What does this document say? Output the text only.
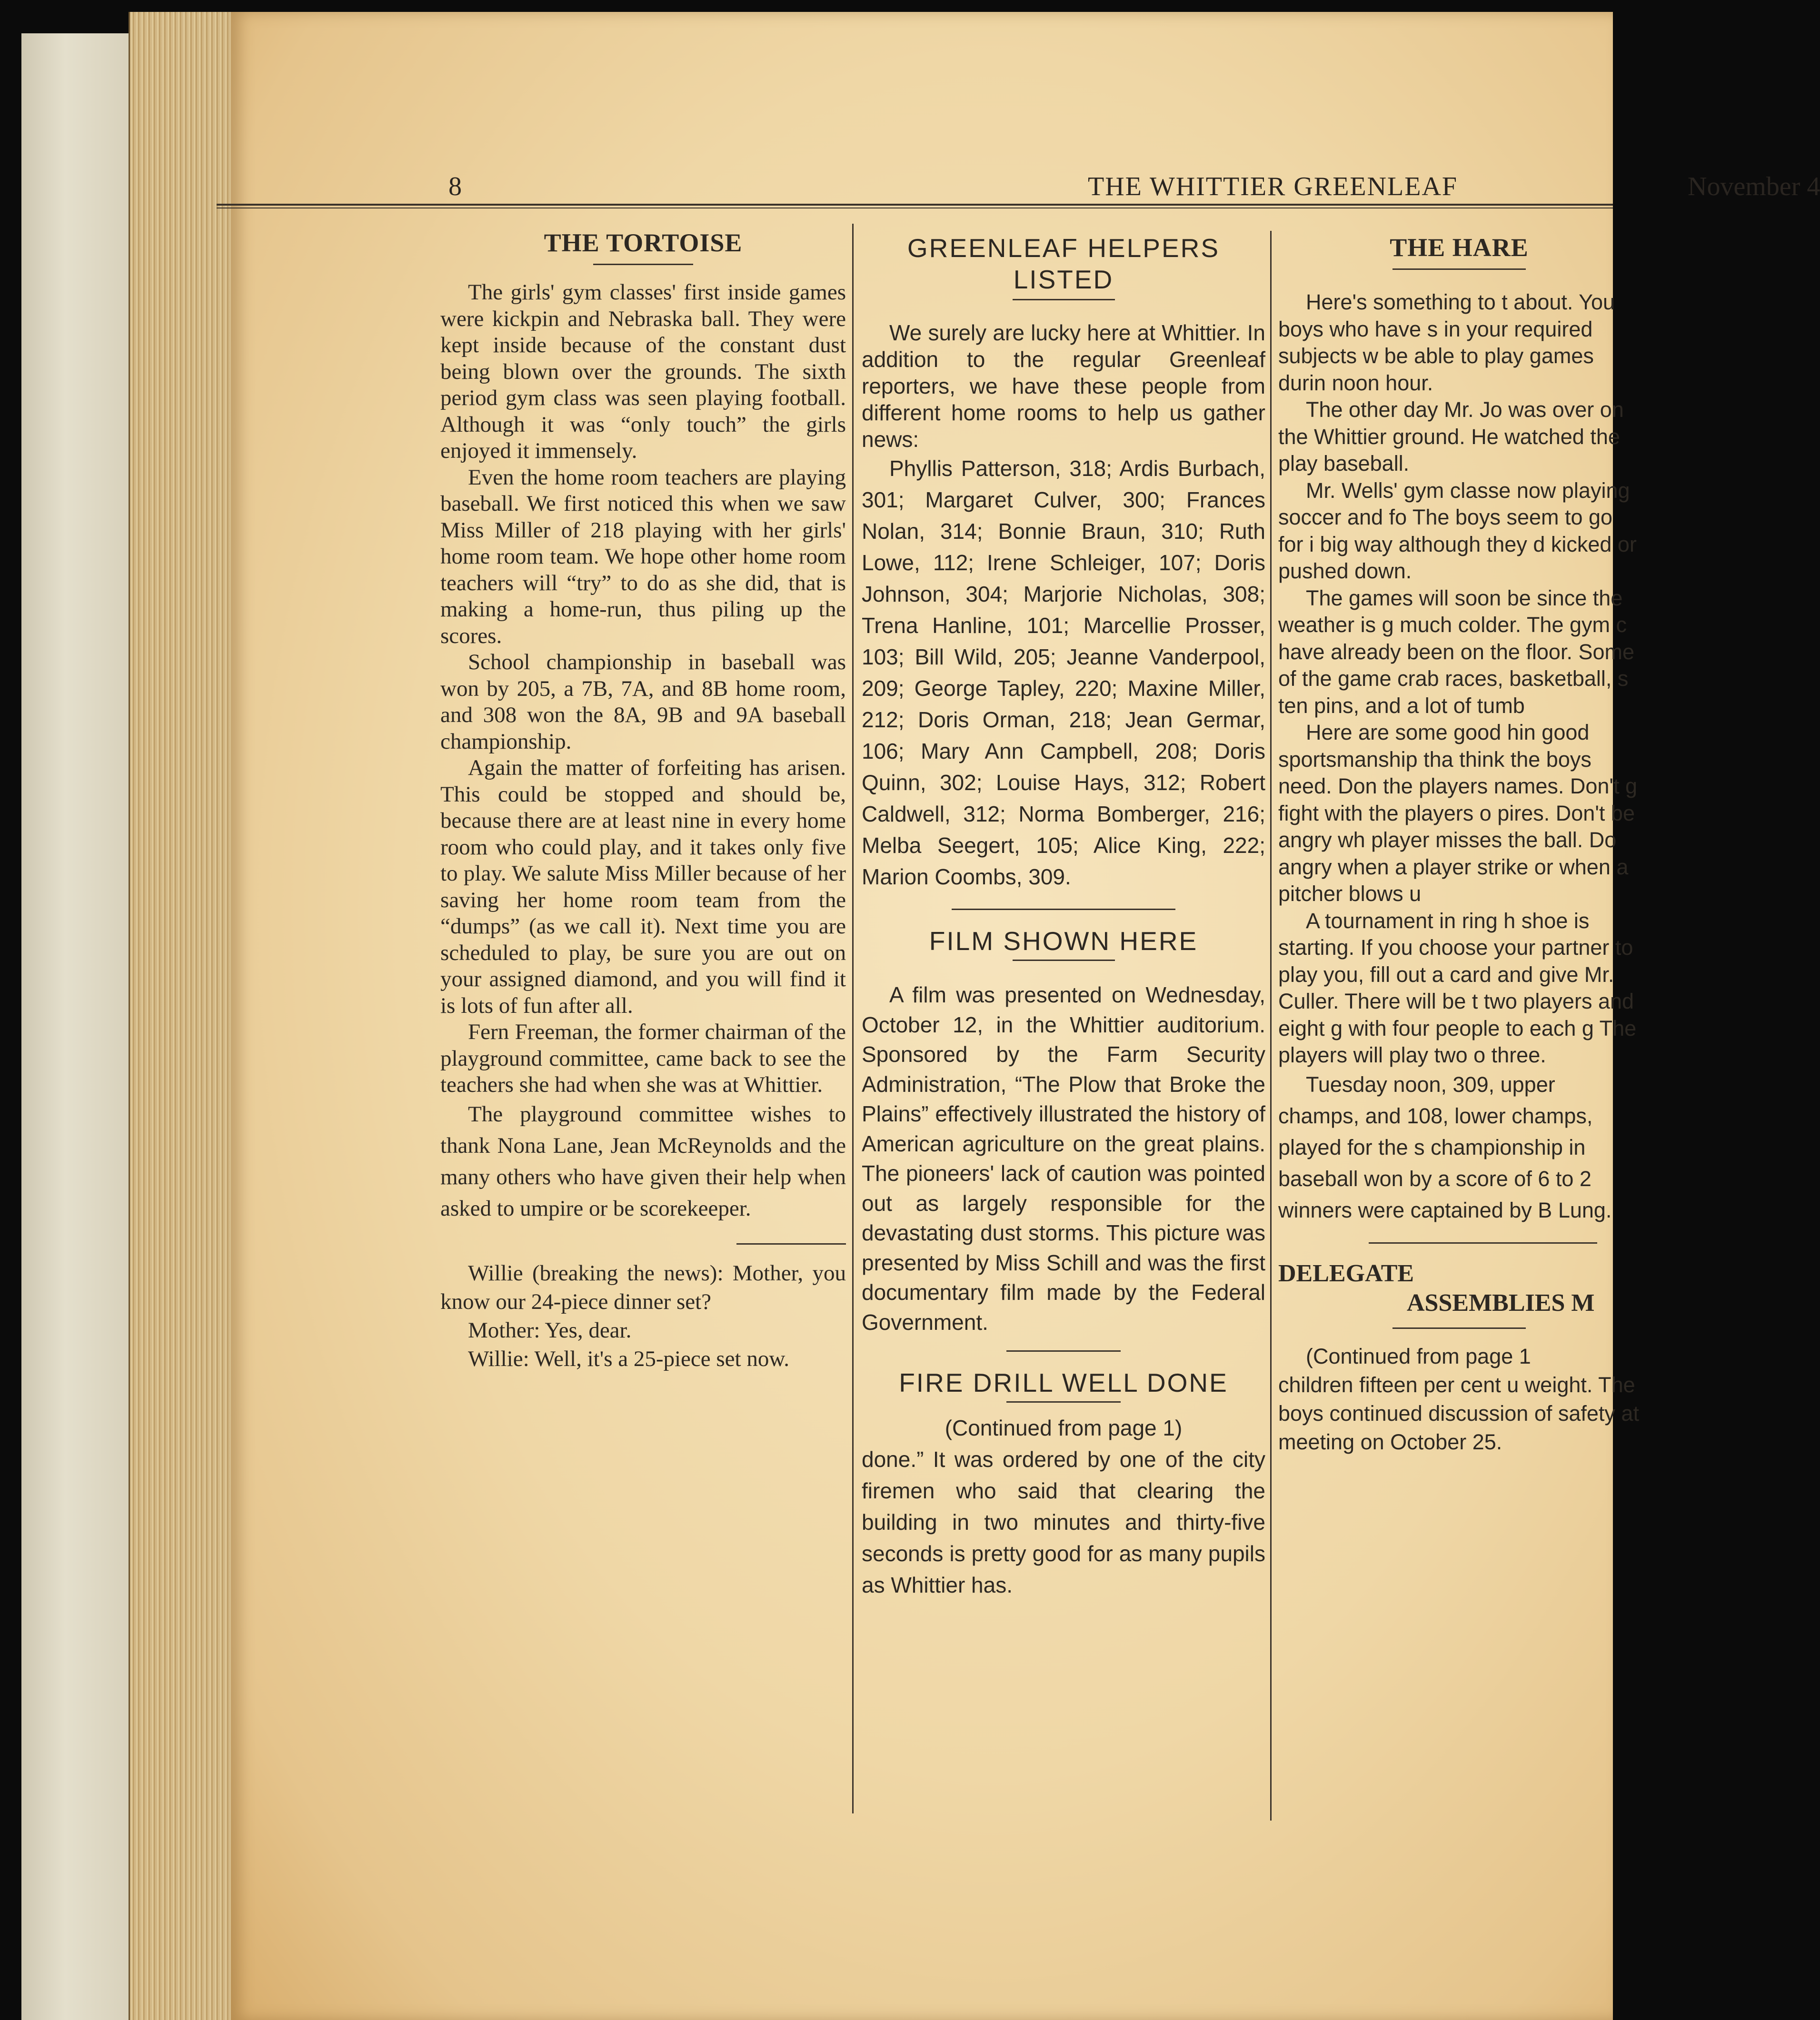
8	THE WHITTIER GREENLEAF	November 4
THE TORTOISE

The girls' gym classes' first inside games were kickpin and Nebraska ball. They were kept inside because of the constant dust being blown over the grounds. The sixth period gym class was seen playing football. Although it was “only touch” the girls enjoyed it immensely.

Even the home room teachers are playing baseball. We first noticed this when we saw Miss Miller of 218 playing with her girls' home room team. We hope other home room teachers will “try” to do as she did, that is making a home-run, thus piling up the scores.

School championship in baseball was won by 205, a 7B, 7A, and 8B home room, and 308 won the 8A, 9B and 9A baseball championship.

Again the matter of forfeiting has arisen. This could be stopped and should be, because there are at least nine in every home room who could play, and it takes only five to play. We salute Miss Miller because of her saving her home room team from the “dumps” (as we call it). Next time you are scheduled to play, be sure you are out on your assigned diamond, and you will find it is lots of fun after all.

Fern Freeman, the former chairman of the playground committee, came back to see the teachers she had when she was at Whittier.

The playground committee wishes to thank Nona Lane, Jean McReynolds and the many others who have given their help when asked to umpire or be scorekeeper.

Willie (breaking the news): Mother, you know our 24-piece dinner set?

Mother: Yes, dear.

Willie: Well, it's a 25-piece set now.

GREENLEAF HELPERS
LISTED

We surely are lucky here at Whittier. In addition to the regular Greenleaf reporters, we have these people from different home rooms to help us gather news:

Phyllis Patterson, 318; Ardis Burbach, 301; Margaret Culver, 300; Frances Nolan, 314; Bonnie Braun, 310; Ruth Lowe, 112; Irene Schleiger, 107; Doris Johnson, 304; Marjorie Nicholas, 308; Trena Hanline, 101; Marcellie Prosser, 103; Bill Wild, 205; Jeanne Vanderpool, 209; George Tapley, 220; Maxine Miller, 212; Doris Orman, 218; Jean Germar, 106; Mary Ann Campbell, 208; Doris Quinn, 302; Louise Hays, 312; Robert Caldwell, 312; Norma Bomberger, 216; Melba Seegert, 105; Alice King, 222; Marion Coombs, 309.

FILM SHOWN HERE

A film was presented on Wednesday, October 12, in the Whittier auditorium. Sponsored by the Farm Security Administration, “The Plow that Broke the Plains” effectively illustrated the history of American agriculture on the great plains. The pioneers' lack of caution was pointed out as largely responsible for the devastating dust storms. This picture was presented by Miss Schill and was the first documentary film made by the Federal Government.

FIRE DRILL WELL DONE

(Continued from page 1)

done.” It was ordered by one of the city firemen who said that clearing the building in two minutes and thirty-five seconds is pretty good for as many pupils as Whittier has.

THE HARE

Here's something to t about. You boys who have s in your required subjects w be able to play games durin noon hour.

The other day Mr. Jo was over on the Whittier ground. He watched the play baseball.

Mr. Wells' gym classe now playing soccer and fo The boys seem to go for i big way although they d kicked or pushed down.

The games will soon be since the weather is g much colder. The gym c have already been on the floor. Some of the game crab races, basketball, s ten pins, and a lot of tumb

Here are some good hin good sportsmanship tha think the boys need. Don the players names. Don't g fight with the players o pires. Don't be angry wh player misses the ball. Do angry when a player strike or when a pitcher blows u

A tournament in ring h shoe is starting. If you choose your partner to play you, fill out a card and give Mr. Culler. There will be t two players and eight g with four people to each g The players will play two o three.

Tuesday noon, 309, upper champs, and 108, lower champs, played for the s championship in baseball won by a score of 6 to 2 winners were captained by B Lung.

DELEGATE
ASSEMBLIES M

(Continued from page 1

children fifteen per cent u weight. The boys continued discussion of safety at meeting on October 25.
